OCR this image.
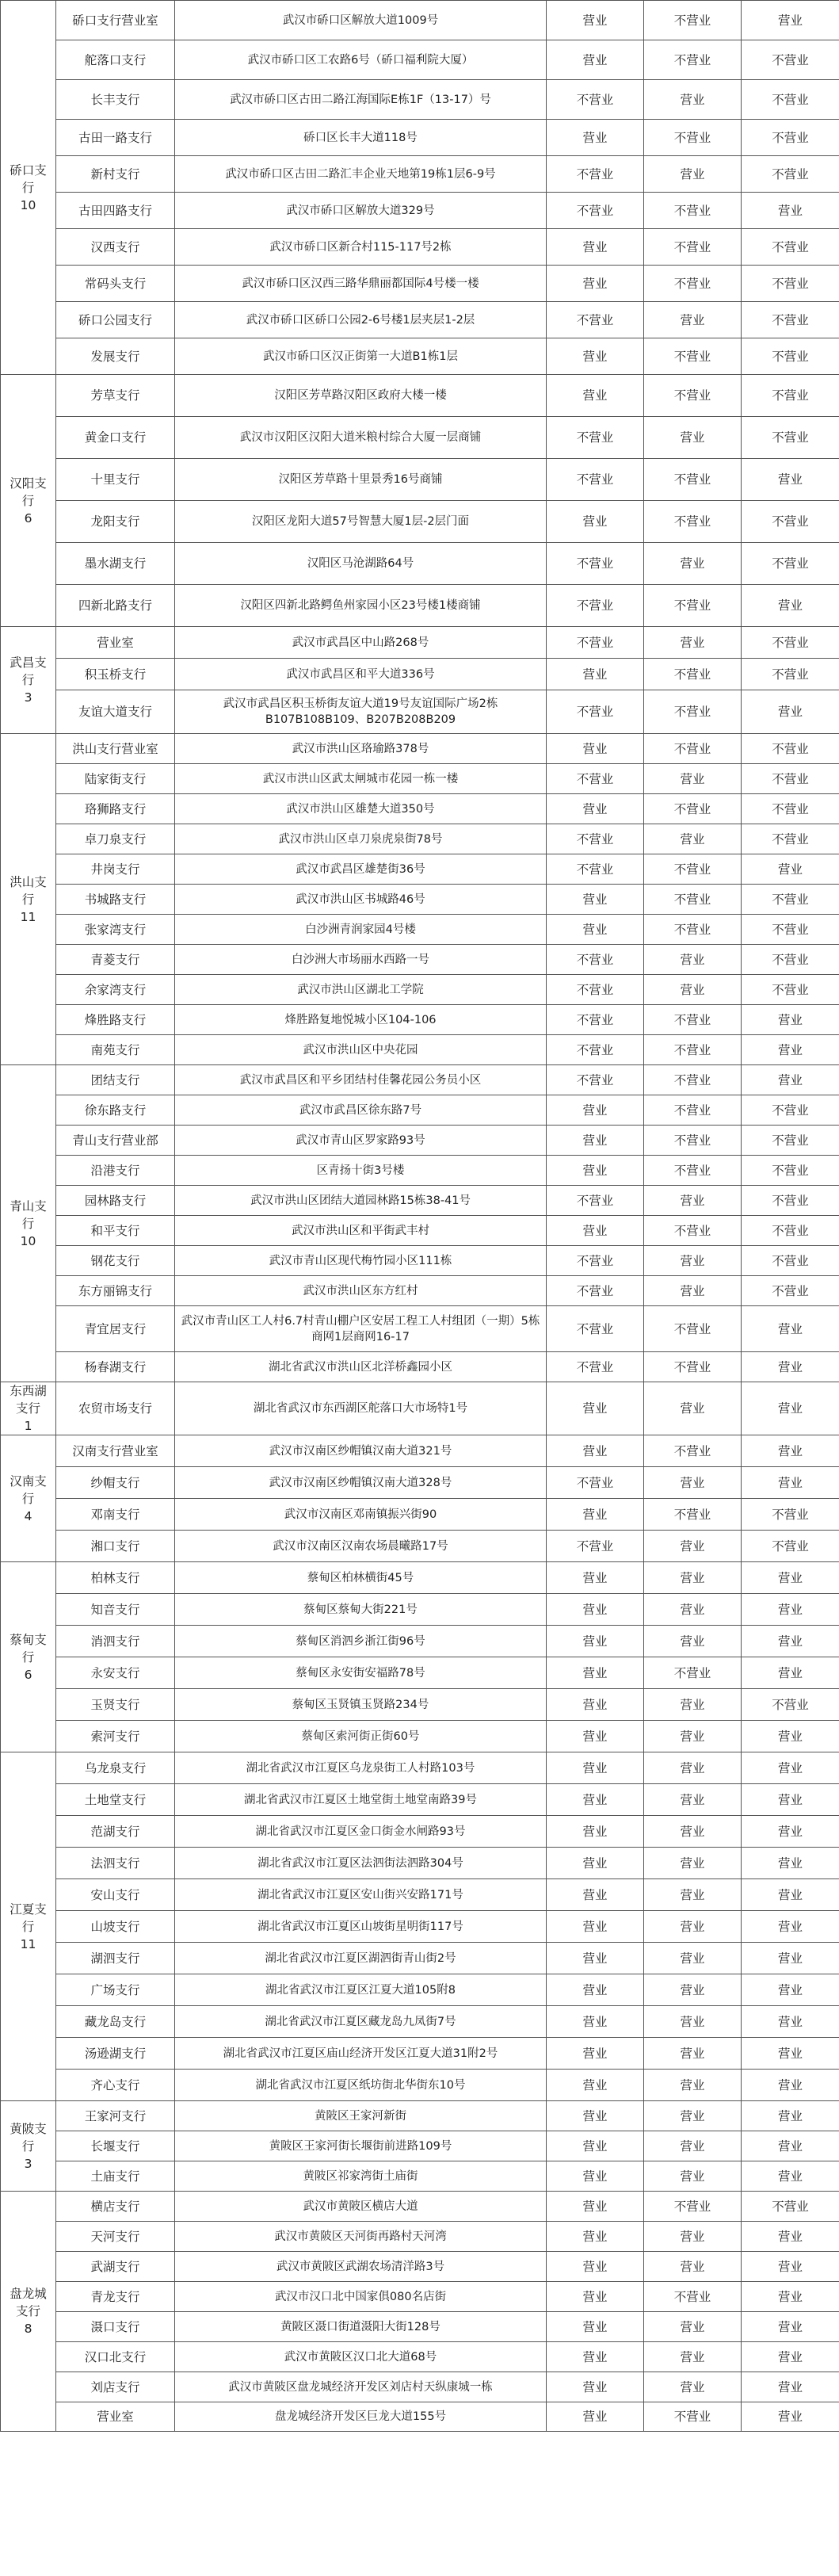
硚口支行
10	硚口支行营业室	武汉市硚口区解放大道1009号	营业	不营业	营业
	舵落口支行	武汉市硚口区工农路6号（硚口福利院大厦）	营业	不营业	不营业
	长丰支行	武汉市硚口区古田二路江海国际E栋1F（13-17）号	不营业	营业	不营业
	古田一路支行	硚口区长丰大道118号	营业	不营业	不营业
	新村支行	武汉市硚口区古田二路汇丰企业天地第19栋1层6-9号	不营业	营业	不营业
	古田四路支行	武汉市硚口区解放大道329号	不营业	不营业	营业
	汉西支行	武汉市硚口区新合村115-117号2栋	营业	不营业	不营业
	常码头支行	武汉市硚口区汉西三路华鼎丽都国际4号楼一楼	营业	不营业	不营业
	硚口公园支行	武汉市硚口区硚口公园2-6号楼1层夹层1-2层	不营业	营业	不营业
	发展支行	武汉市硚口区汉正街第一大道B1栋1层	营业	不营业	不营业

汉阳支行
6	芳草支行	汉阳区芳草路汉阳区政府大楼一楼	营业	不营业	不营业
	黄金口支行	武汉市汉阳区汉阳大道米粮村综合大厦一层商铺	不营业	营业	不营业
	十里支行	汉阳区芳草路十里景秀16号商铺	不营业	不营业	营业
	龙阳支行	汉阳区龙阳大道57号智慧大厦1层-2层门面	营业	不营业	不营业
	墨水湖支行	汉阳区马沧湖路64号	不营业	营业	不营业
	四新北路支行	汉阳区四新北路鳄鱼州家园小区23号楼1楼商铺	不营业	不营业	营业

武昌支行
3	营业室	武汉市武昌区中山路268号	不营业	营业	不营业
	积玉桥支行	武汉市武昌区和平大道336号	营业	不营业	不营业
	友谊大道支行	武汉市武昌区积玉桥街友谊大道19号友谊国际广场2栋B107B108B109、B207B208B209	不营业	不营业	营业

洪山支行
11	洪山支行营业室	武汉市洪山区珞瑜路378号	营业	不营业	不营业
	陆家街支行	武汉市洪山区武太闸城市花园一栋一楼	不营业	营业	不营业
	珞狮路支行	武汉市洪山区雄楚大道350号	营业	不营业	不营业
	卓刀泉支行	武汉市洪山区卓刀泉虎泉街78号	不营业	营业	不营业
	井岗支行	武汉市武昌区雄楚街36号	不营业	不营业	营业
	书城路支行	武汉市洪山区书城路46号	营业	不营业	不营业
	张家湾支行	白沙洲青润家园4号楼	营业	不营业	不营业
	青菱支行	白沙洲大市场丽水西路一号	不营业	营业	不营业
	余家湾支行	武汉市洪山区湖北工学院	不营业	营业	不营业
	烽胜路支行	烽胜路复地悦城小区104-106	不营业	不营业	营业
	南苑支行	武汉市洪山区中央花园	不营业	不营业	营业

青山支行
10	团结支行	武汉市武昌区和平乡团结村佳馨花园公务员小区	不营业	不营业	营业
	徐东路支行	武汉市武昌区徐东路7号	营业	不营业	不营业
	青山支行营业部	武汉市青山区罗家路93号	营业	不营业	不营业
	沿港支行	区青扬十街3号楼	营业	不营业	不营业
	园林路支行	武汉市洪山区团结大道园林路15栋38-41号	不营业	营业	不营业
	和平支行	武汉市洪山区和平街武丰村	营业	不营业	不营业
	钢花支行	武汉市青山区现代梅竹园小区111栋	不营业	营业	不营业
	东方丽锦支行	武汉市洪山区东方红村	不营业	营业	不营业
	青宜居支行	武汉市青山区工人村6.7村青山棚户区安居工程工人村组团（一期）5栋商网1层商网16-17	不营业	不营业	营业
	杨春湖支行	湖北省武汉市洪山区北洋桥鑫园小区	不营业	不营业	营业

东西湖支行
1	农贸市场支行	湖北省武汉市东西湖区舵落口大市场特1号	营业	营业	营业

汉南支行
4	汉南支行营业室	武汉市汉南区纱帽镇汉南大道321号	营业	不营业	营业
	纱帽支行	武汉市汉南区纱帽镇汉南大道328号	不营业	营业	营业
	邓南支行	武汉市汉南区邓南镇振兴街90	营业	不营业	不营业
	湘口支行	武汉市汉南区汉南农场晨曦路17号	不营业	营业	不营业

蔡甸支行
6	柏林支行	蔡甸区柏林横街45号	营业	营业	营业
	知音支行	蔡甸区蔡甸大街221号	营业	营业	营业
	消泗支行	蔡甸区消泗乡浙江街96号	营业	营业	营业
	永安支行	蔡甸区永安街安福路78号	营业	不营业	营业
	玉贤支行	蔡甸区玉贤镇玉贤路234号	营业	营业	不营业
	索河支行	蔡甸区索河街正街60号	营业	营业	营业

江夏支行
11	乌龙泉支行	湖北省武汉市江夏区乌龙泉街工人村路103号	营业	营业	营业
	土地堂支行	湖北省武汉市江夏区土地堂街土地堂南路39号	营业	营业	营业
	范湖支行	湖北省武汉市江夏区金口街金水闸路93号	营业	营业	营业
	法泗支行	湖北省武汉市江夏区法泗街法泗路304号	营业	营业	营业
	安山支行	湖北省武汉市江夏区安山街兴安路171号	营业	营业	营业
	山坡支行	湖北省武汉市江夏区山坡街星明街117号	营业	营业	营业
	湖泗支行	湖北省武汉市江夏区湖泗街青山街2号	营业	营业	营业
	广场支行	湖北省武汉市江夏区江夏大道105附8	营业	营业	营业
	藏龙岛支行	湖北省武汉市江夏区藏龙岛九凤街7号	营业	营业	营业
	汤逊湖支行	湖北省武汉市江夏区庙山经济开发区江夏大道31附2号	营业	营业	营业
	齐心支行	湖北省武汉市江夏区纸坊街北华街东10号	营业	营业	营业

黄陂支行
3	王家河支行	黄陂区王家河新街	营业	营业	营业
	长堰支行	黄陂区王家河街长堰街前进路109号	营业	营业	营业
	土庙支行	黄陂区祁家湾街土庙街	营业	营业	营业

盘龙城支行
8	横店支行	武汉市黄陂区横店大道	营业	不营业	不营业
	天河支行	武汉市黄陂区天河街再路村天河湾	营业	营业	营业
	武湖支行	武汉市黄陂区武湖农场清洋路3号	营业	营业	营业
	青龙支行	武汉市汉口北中国家俱080名店街	营业	不营业	营业
	滠口支行	黄陂区滠口街道滠阳大街128号	营业	营业	营业
	汉口北支行	武汉市黄陂区汉口北大道68号	营业	营业	营业
	刘店支行	武汉市黄陂区盘龙城经济开发区刘店村天纵康城一栋	营业	营业	营业
	营业室	盘龙城经济开发区巨龙大道155号	营业	不营业	营业
